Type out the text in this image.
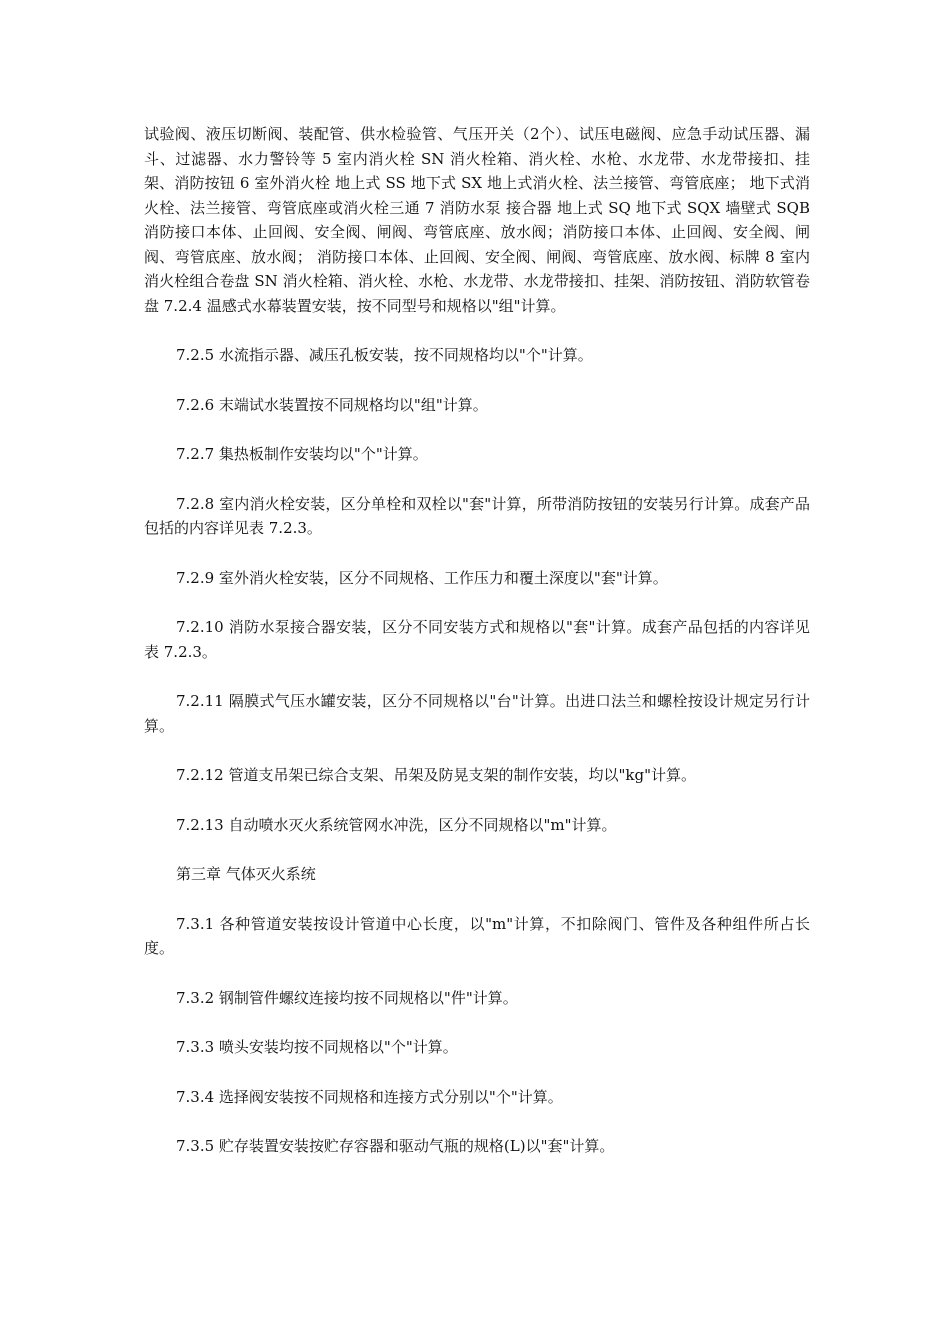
试验阀、液压切断阀、装配管、供水检验管、气压开关（2个）、试压电磁阀、应急手动试压器、漏斗、过滤器、水力警铃等 5 室内消火栓 SN 消火栓箱、消火栓、水枪、水龙带、水龙带接扣、挂架、消防按钮 6 室外消火栓 地上式 SS 地下式 SX 地上式消火栓、法兰接管、弯管底座； 地下式消火栓、法兰接管、弯管底座或消火栓三通 7 消防水泵 接合器 地上式 SQ 地下式 SQX 墙壁式 SQB 消防接口本体、止回阀、安全阀、闸阀、弯管底座、放水阀；消防接口本体、止回阀、安全阀、闸阀、弯管底座、放水阀； 消防接口本体、止回阀、安全阀、闸阀、弯管底座、放水阀、标牌 8 室内消火栓组合卷盘 SN 消火栓箱、消火栓、水枪、水龙带、水龙带接扣、挂架、消防按钮、消防软管卷盘 7.2.4 温感式水幕装置安装，按不同型号和规格以"组"计算。

7.2.5 水流指示器、减压孔板安装，按不同规格均以"个"计算。

7.2.6 末端试水装置按不同规格均以"组"计算。

7.2.7 集热板制作安装均以"个"计算。

7.2.8 室内消火栓安装，区分单栓和双栓以"套"计算，所带消防按钮的安装另行计算。成套产品包括的内容详见表 7.2.3。

7.2.9 室外消火栓安装，区分不同规格、工作压力和覆土深度以"套"计算。

7.2.10 消防水泵接合器安装，区分不同安装方式和规格以"套"计算。成套产品包括的内容详见表 7.2.3。

7.2.11 隔膜式气压水罐安装，区分不同规格以"台"计算。出进口法兰和螺栓按设计规定另行计算。

7.2.12 管道支吊架已综合支架、吊架及防晃支架的制作安装，均以"kg"计算。

7.2.13 自动喷水灭火系统管网水冲洗，区分不同规格以"m"计算。

第三章 气体灭火系统

7.3.1 各种管道安装按设计管道中心长度，以"m"计算，不扣除阀门、管件及各种组件所占长度。

7.3.2 钢制管件螺纹连接均按不同规格以"件"计算。

7.3.3 喷头安装均按不同规格以"个"计算。

7.3.4 选择阀安装按不同规格和连接方式分别以"个"计算。

7.3.5 贮存装置安装按贮存容器和驱动气瓶的规格(L)以"套"计算。
